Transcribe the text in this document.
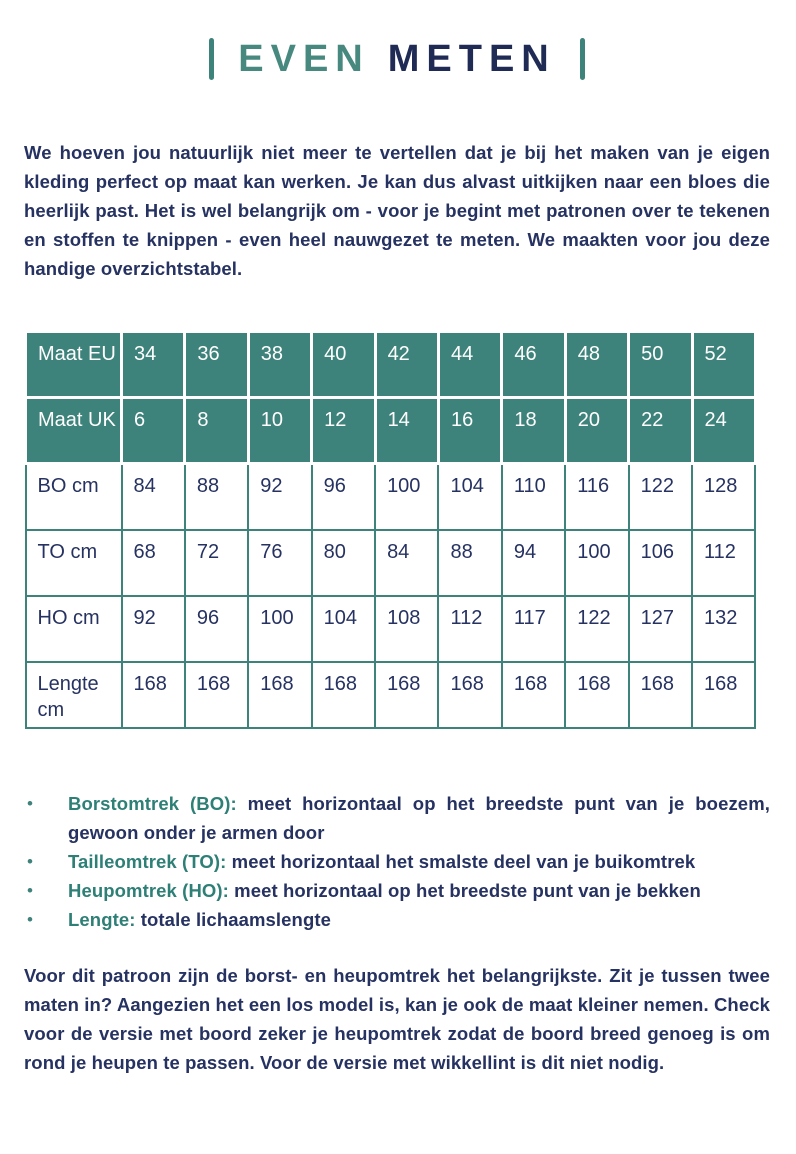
EVEN METEN

We hoeven jou natuurlijk niet meer te vertellen dat je bij het maken van je eigen kleding perfect op maat kan werken. Je kan dus alvast uitkijken naar een bloes die heerlijk past. Het is wel belangrijk om - voor je begint met patronen over te tekenen en stoffen te knippen - even heel nauwgezet te meten. We maakten voor jou deze handige overzichtstabel.

Maat EU	34	36	38	40	42	44	46	48	50	52
Maat UK	6	8	10	12	14	16	18	20	22	24
BO cm	84	88	92	96	100	104	110	116	122	128
TO cm	68	72	76	80	84	88	94	100	106	112
HO cm	92	96	100	104	108	112	117	122	127	132
Lengte cm	168	168	168	168	168	168	168	168	168	168
•	Borstomtrek (BO): meet horizontaal op het breedste punt van je boezem, gewoon onder je armen door
•	Tailleomtrek (TO): meet horizontaal het smalste deel van je buikomtrek
•	Heupomtrek (HO): meet horizontaal op het breedste punt van je bekken
•	Lengte: totale lichaamslengte

Voor dit patroon zijn de borst- en heupomtrek het belangrijkste. Zit je tussen twee maten in? Aangezien het een los model is, kan je ook de maat kleiner nemen. Check voor de versie met boord zeker je heupomtrek zodat de boord breed genoeg is om rond je heupen te passen. Voor de versie met wikkellint is dit niet nodig.
